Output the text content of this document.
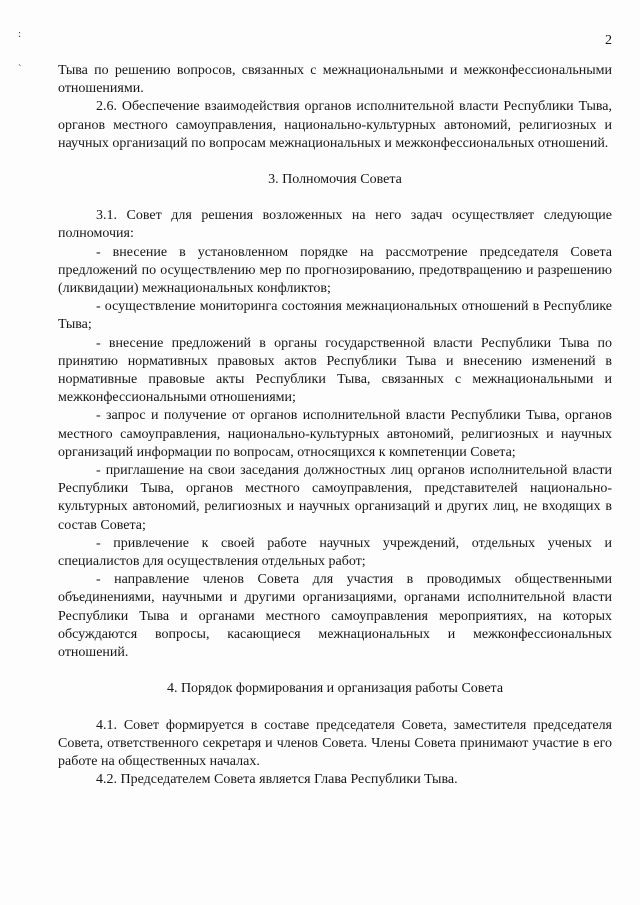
2
:
`	Тыва по решению вопросов, связанных с межнациональными и межконфессиональными отношениями.

2.6. Обеспечение взаимодействия органов исполнительной власти Республики Тыва, органов местного самоуправления, национально-культурных автономий, религиозных и научных организаций по вопросам межнациональных и межконфессиональных отношений.

3. Полномочия Совета

3.1. Совет для решения возложенных на него задач осуществляет следующие полномочия:

- внесение в установленном порядке на рассмотрение председателя Совета предложений по осуществлению мер по прогнозированию, предотвращению и разрешению (ликвидации) межнациональных конфликтов;

- осуществление мониторинга состояния межнациональных отношений в Республике Тыва;

- внесение предложений в органы государственной власти Республики Тыва по принятию нормативных правовых актов Республики Тыва и внесению изменений в нормативные правовые акты Республики Тыва, связанных с межнациональными и межконфессиональными отношениями;

- запрос и получение от органов исполнительной власти Республики Тыва, органов местного самоуправления, национально-культурных автономий, религиозных и научных организаций информации по вопросам, относящихся к компетенции Совета;

- приглашение на свои заседания должностных лиц органов исполнительной власти Республики Тыва, органов местного самоуправления, представителей национально-культурных автономий, религиозных и научных организаций и других лиц, не входящих в состав Совета;

- привлечение к своей работе научных учреждений, отдельных ученых и специалистов для осуществления отдельных работ;

- направление членов Совета для участия в проводимых общественными объединениями, научными и другими организациями, органами исполнительной власти Республики Тыва и органами местного самоуправления мероприятиях, на которых обсуждаются вопросы, касающиеся межнациональных и межконфессиональных отношений.

4. Порядок формирования и организация работы Совета

4.1. Совет формируется в составе председателя Совета, заместителя председателя Совета, ответственного секретаря и членов Совета. Члены Совета принимают участие в его работе на общественных началах.

4.2. Председателем Совета является Глава Республики Тыва.
